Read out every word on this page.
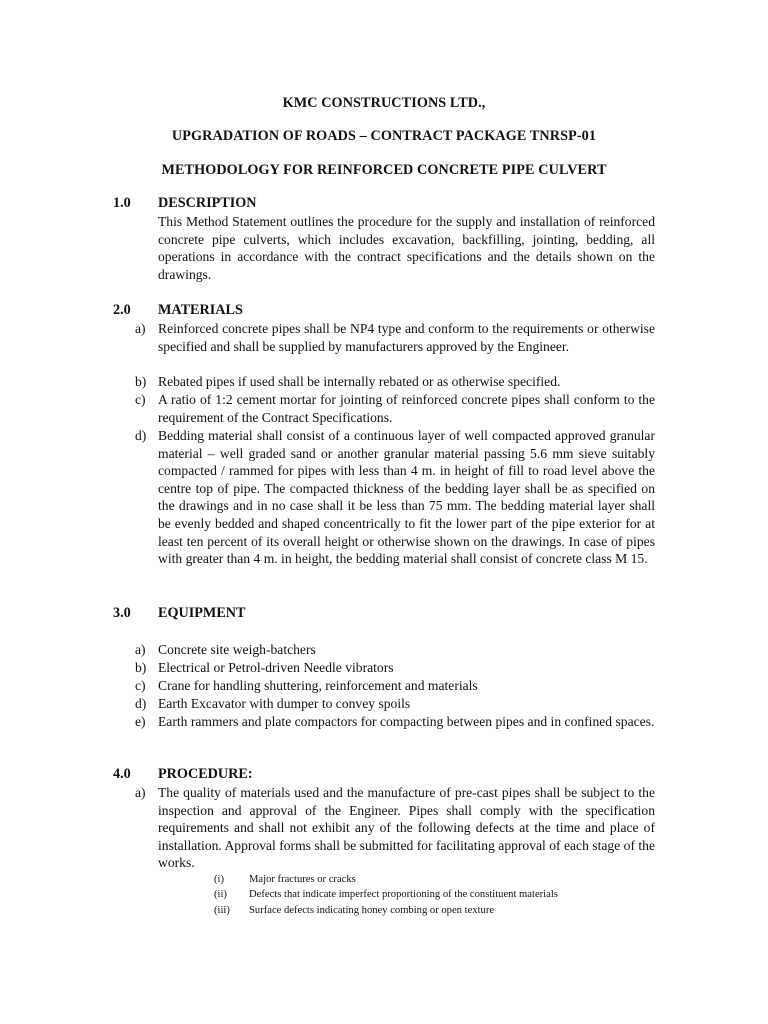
KMC CONSTRUCTIONS LTD.,
UPGRADATION OF ROADS – CONTRACT PACKAGE TNRSP-01
METHODOLOGY FOR REINFORCED CONCRETE PIPE CULVERT
1.0 DESCRIPTION

This Method Statement outlines the procedure for the supply and installation of reinforced concrete pipe culverts, which includes excavation, backfilling, jointing, bedding, all operations in accordance with the contract specifications and the details shown on the drawings.

2.0 MATERIALS
a) Reinforced concrete pipes shall be NP4 type and conform to the requirements or otherwise specified and shall be supplied by manufacturers approved by the Engineer.

b) Rebated pipes if used shall be internally rebated or as otherwise specified.

c) A ratio of 1:2 cement mortar for jointing of reinforced concrete pipes shall conform to the requirement of the Contract Specifications.

d) Bedding material shall consist of a continuous layer of well compacted approved granular material – well graded sand or another granular material passing 5.6 mm sieve suitably compacted / rammed for pipes with less than 4 m. in height of fill to road level above the centre top of pipe. The compacted thickness of the bedding layer shall be as specified on the drawings and in no case shall it be less than 75 mm. The bedding material layer shall be evenly bedded and shaped concentrically to fit the lower part of the pipe exterior for at least ten percent of its overall height or otherwise shown on the drawings. In case of pipes with greater than 4 m. in height, the bedding material shall consist of concrete class M 15.

3.0 EQUIPMENT
a) Concrete site weigh-batchers

b) Electrical or Petrol-driven Needle vibrators

c) Crane for handling shuttering, reinforcement and materials

d) Earth Excavator with dumper to convey spoils

e) Earth rammers and plate compactors for compacting between pipes and in confined spaces.

4.0 PROCEDURE:
a) The quality of materials used and the manufacture of pre-cast pipes shall be subject to the inspection and approval of the Engineer. Pipes shall comply with the specification requirements and shall not exhibit any of the following defects at the time and place of installation. Approval forms shall be submitted for facilitating approval of each stage of the works.

(i) Major fractures or cracks
(ii) Defects that indicate imperfect proportioning of the constituent materials
(iii) Surface defects indicating honey combing or open texture
